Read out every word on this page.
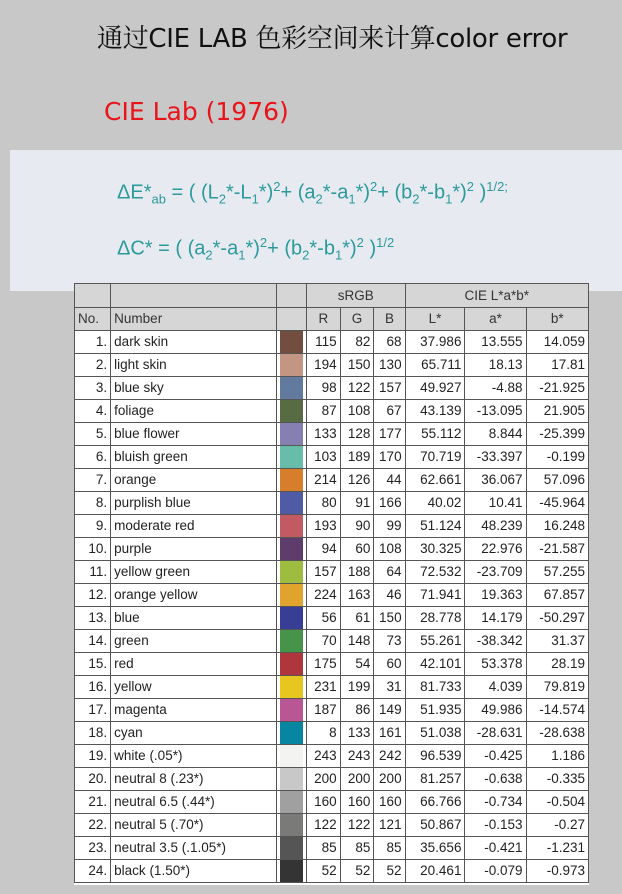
通过CIE LAB 色彩空间来计算color error
CIE Lab (1976)
$\Delta E*_{ab}$ = ( $(L_2*-L_1*)^2+ (a_2*-a_1*)^2+ (b_2*-b_1*)^2$ )$^{1/2;}$
ΔC* = ( $(a_2*-a_1*)^2+ (b_2*-b_1*)^2$ )$^{1/2}$
			sRGB			CIE L*a*b*		
No.	Number		R	G	B	L*	a*	b*
1.	dark skin		115	82	68	37.986	13.555	14.059
2.	light skin		194	150	130	65.711	18.13	17.81
3.	blue sky		98	122	157	49.927	-4.88	-21.925
4.	foliage		87	108	67	43.139	-13.095	21.905
5.	blue flower		133	128	177	55.112	8.844	-25.399
6.	bluish green		103	189	170	70.719	-33.397	-0.199
7.	orange		214	126	44	62.661	36.067	57.096
8.	purplish blue		80	91	166	40.02	10.41	-45.964
9.	moderate red		193	90	99	51.124	48.239	16.248
10.	purple		94	60	108	30.325	22.976	-21.587
11.	yellow green		157	188	64	72.532	-23.709	57.255
12.	orange yellow		224	163	46	71.941	19.363	67.857
13.	blue		56	61	150	28.778	14.179	-50.297
14.	green		70	148	73	55.261	-38.342	31.37
15.	red		175	54	60	42.101	53.378	28.19
16.	yellow		231	199	31	81.733	4.039	79.819
17.	magenta		187	86	149	51.935	49.986	-14.574
18.	cyan		8	133	161	51.038	-28.631	-28.638
19.	white (.05*)		243	243	242	96.539	-0.425	1.186
20.	neutral 8 (.23*)		200	200	200	81.257	-0.638	-0.335
21.	neutral 6.5 (.44*)		160	160	160	66.766	-0.734	-0.504
22.	neutral 5 (.70*)		122	122	121	50.867	-0.153	-0.27
23.	neutral 3.5 (.1.05*)		85	85	85	35.656	-0.421	-1.231
24.	black (1.50*)		52	52	52	20.461	-0.079	-0.973
